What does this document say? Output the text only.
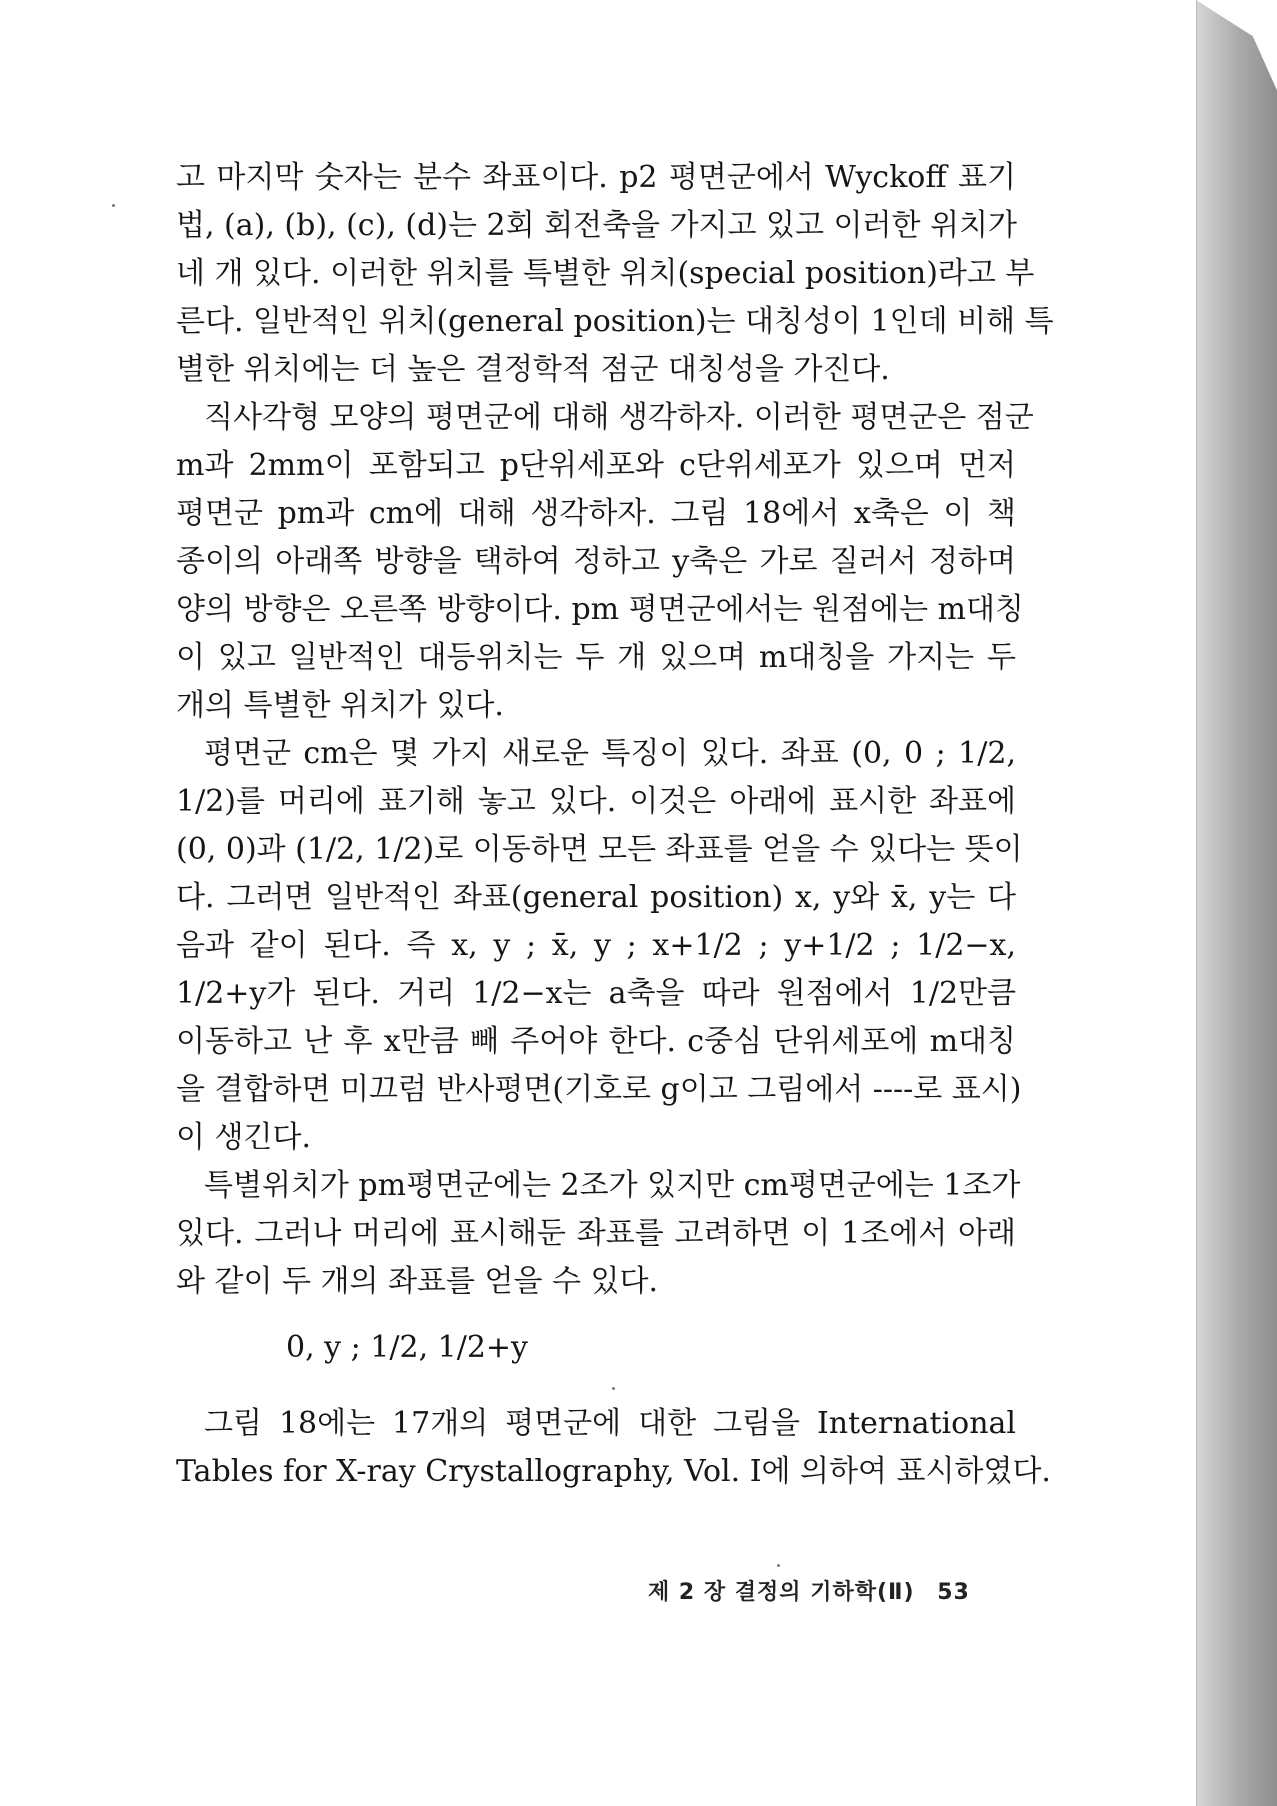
고 마지막 숫자는 분수 좌표이다. p2 평면군에서 Wyckoff 표기
법, (a), (b), (c), (d)는 2회 회전축을 가지고 있고 이러한 위치가
네 개 있다. 이러한 위치를 특별한 위치(special position)라고 부
른다. 일반적인 위치(general position)는 대칭성이 1인데 비해 특
별한 위치에는 더 높은 결정학적 점군 대칭성을 가진다.
직사각형 모양의 평면군에 대해 생각하자. 이러한 평면군은 점군
m과 2mm이 포함되고 p단위세포와 c단위세포가 있으며 먼저
평면군 pm과 cm에 대해 생각하자. 그림 18에서 x축은 이 책
종이의 아래쪽 방향을 택하여 정하고 y축은 가로 질러서 정하며
양의 방향은 오른쪽 방향이다. pm 평면군에서는 원점에는 m대칭
이 있고 일반적인 대등위치는 두 개 있으며 m대칭을 가지는 두
개의 특별한 위치가 있다.
평면군 cm은 몇 가지 새로운 특징이 있다. 좌표 (0, 0 ; 1/2,
1/2)를 머리에 표기해 놓고 있다. 이것은 아래에 표시한 좌표에
(0, 0)과 (1/2, 1/2)로 이동하면 모든 좌표를 얻을 수 있다는 뜻이
다. 그러면 일반적인 좌표(general position) x, y와 x̄, y는 다
음과 같이 된다. 즉 x, y ; x̄, y ; x+1/2 ; y+1/2 ; 1/2−x,
1/2+y가 된다. 거리 1/2−x는 a축을 따라 원점에서 1/2만큼
이동하고 난 후 x만큼 빼 주어야 한다. c중심 단위세포에 m대칭
을 결합하면 미끄럼 반사평면(기호로 g이고 그림에서 ----로 표시)
이 생긴다.
특별위치가 pm평면군에는 2조가 있지만 cm평면군에는 1조가
있다. 그러나 머리에 표시해둔 좌표를 고려하면 이 1조에서 아래
와 같이 두 개의 좌표를 얻을 수 있다.
0, y ; 1/2, 1/2+y
그림 18에는 17개의 평면군에 대한 그림을 International
Tables for X-ray Crystallography, Vol. I에 의하여 표시하였다.
제 2 장 결정의 기하학(Ⅱ) 53
